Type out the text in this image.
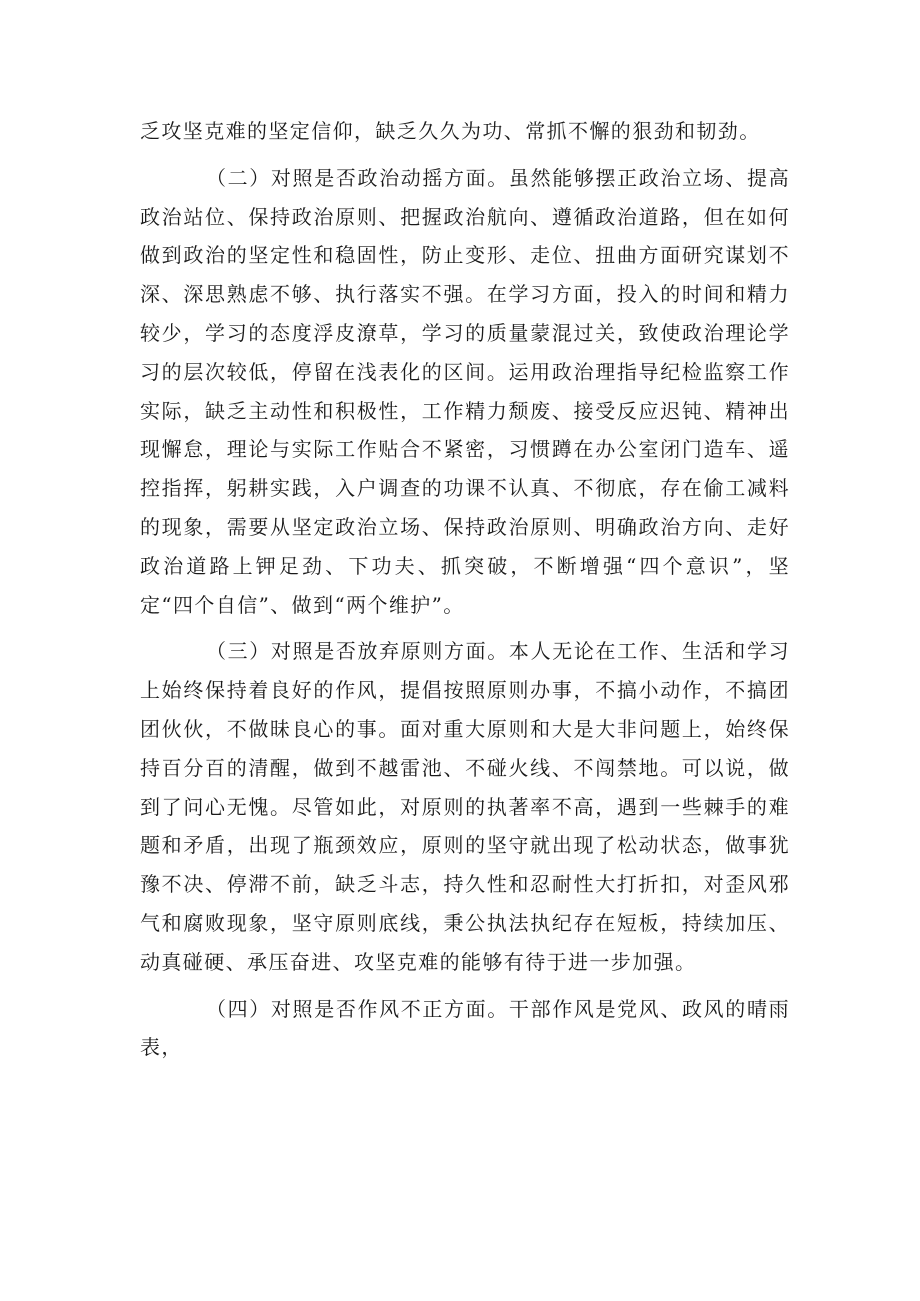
乏攻坚克难的坚定信仰，缺乏久久为功、常抓不懈的狠劲和韧劲。

（二）对照是否政治动摇方面。虽然能够摆正政治立场、提高政治站位、保持政治原则、把握政治航向、遵循政治道路，但在如何做到政治的坚定性和稳固性，防止变形、走位、扭曲方面研究谋划不深、深思熟虑不够、执行落实不强。在学习方面，投入的时间和精力较少，学习的态度浮皮潦草，学习的质量蒙混过关，致使政治理论学习的层次较低，停留在浅表化的区间。运用政治理指导纪检监察工作实际，缺乏主动性和积极性，工作精力颓废、接受反应迟钝、精神出现懈怠，理论与实际工作贴合不紧密，习惯蹲在办公室闭门造车、遥控指挥，躬耕实践，入户调查的功课不认真、不彻底，存在偷工减料的现象，需要从坚定政治立场、保持政治原则、明确政治方向、走好政治道路上钾足劲、下功夫、抓突破，不断增强“四个意识”，坚定“四个自信”、做到“两个维护”。

（三）对照是否放弃原则方面。本人无论在工作、生活和学习上始终保持着良好的作风，提倡按照原则办事，不搞小动作，不搞团团伙伙，不做昧良心的事。面对重大原则和大是大非问题上，始终保持百分百的清醒，做到不越雷池、不碰火线、不闯禁地。可以说，做到了问心无愧。尽管如此，对原则的执著率不高，遇到一些棘手的难题和矛盾，出现了瓶颈效应，原则的坚守就出现了松动状态，做事犹豫不决、停滞不前，缺乏斗志，持久性和忍耐性大打折扣，对歪风邪气和腐败现象，坚守原则底线，秉公执法执纪存在短板，持续加压、动真碰硬、承压奋进、攻坚克难的能够有待于进一步加强。

（四）对照是否作风不正方面。干部作风是党风、政风的晴雨表，
